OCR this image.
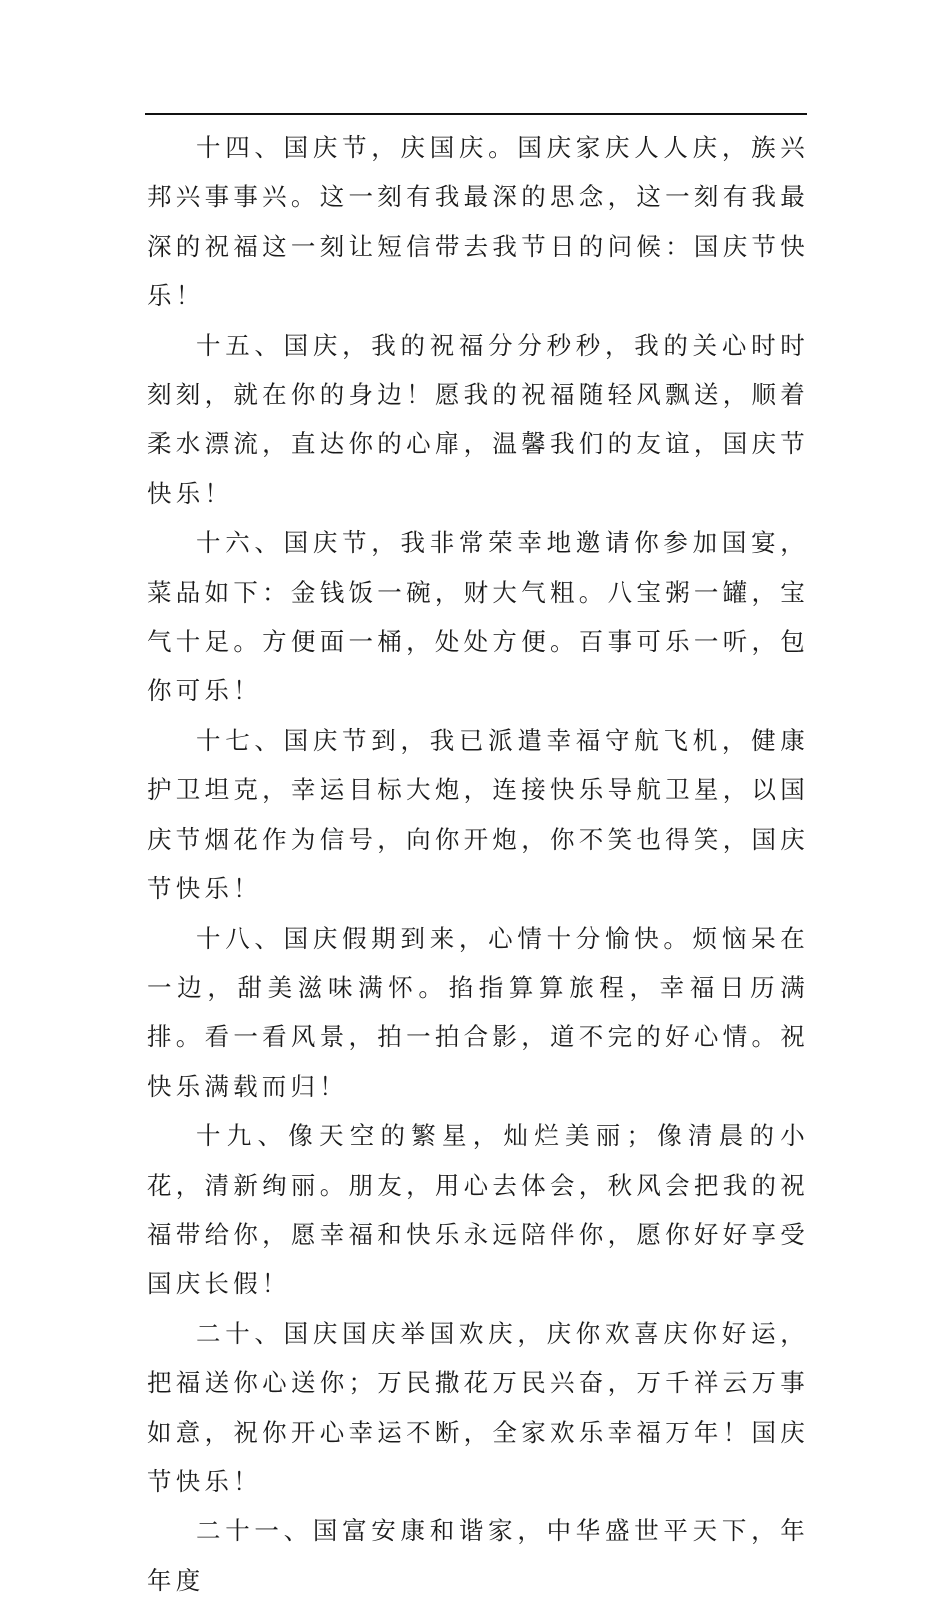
十四、国庆节，庆国庆。国庆家庆人人庆，族兴邦兴事事兴。这一刻有我最深的思念，这一刻有我最深的祝福这一刻让短信带去我节日的问候：国庆节快乐！

十五、国庆，我的祝福分分秒秒，我的关心时时刻刻，就在你的身边！愿我的祝福随轻风飘送，顺着柔水漂流，直达你的心扉，温馨我们的友谊，国庆节快乐！

十六、国庆节，我非常荣幸地邀请你参加国宴，菜品如下：金钱饭一碗，财大气粗。八宝粥一罐，宝气十足。方便面一桶，处处方便。百事可乐一听，包你可乐！

十七、国庆节到，我已派遣幸福守航飞机，健康护卫坦克，幸运目标大炮，连接快乐导航卫星，以国庆节烟花作为信号，向你开炮，你不笑也得笑，国庆节快乐！

十八、国庆假期到来，心情十分愉快。烦恼呆在一边，甜美滋味满怀。掐指算算旅程，幸福日历满排。看一看风景，拍一拍合影，道不完的好心情。祝快乐满载而归！

十九、像天空的繁星，灿烂美丽；像清晨的小花，清新绚丽。朋友，用心去体会，秋风会把我的祝福带给你，愿幸福和快乐永远陪伴你，愿你好好享受国庆长假！

二十、国庆国庆举国欢庆，庆你欢喜庆你好运，把福送你心送你；万民撒花万民兴奋，万千祥云万事如意，祝你开心幸运不断，全家欢乐幸福万年！国庆节快乐！

二十一、国富安康和谐家，中华盛世平天下，年年度
